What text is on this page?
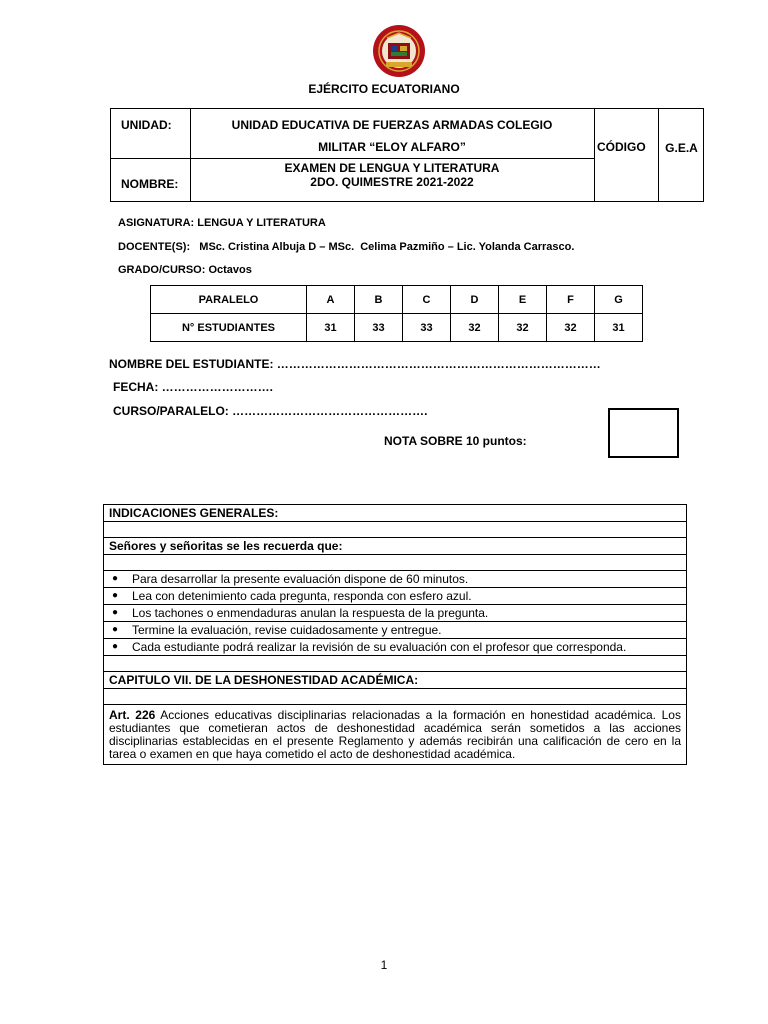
EJÉRCITO ECUATORIANO
UNIDAD:	UNIDAD EDUCATIVA DE FUERZAS ARMADAS COLEGIO
MILITAR “ELOY ALFARO”	CÓDIGO	G.E.A
NOMBRE:
EXAMEN DE LENGUA Y LITERATURA
2DO. QUIMESTRE 2021-2022
ASIGNATURA: LENGUA Y LITERATURA
DOCENTE(S):   MSc. Cristina Albuja D – MSc.  Celima Pazmiño – Lic. Yolanda Carrasco.
GRADO/CURSO: Octavos
PARALELO	A	B	C	D	E	F	G
N° ESTUDIANTES	31	33	33	32	32	32	31
NOMBRE DEL ESTUDIANTE: ………………………………………………………………………
FECHA: ……………………….
CURSO/PARALELO: ………………………………………….
NOTA SOBRE 10 puntos:
INDICACIONES GENERALES:
Señores y señoritas se les recuerda que:
●	Para desarrollar la presente evaluación dispone de 60 minutos.
●	Lea con detenimiento cada pregunta, responda con esfero azul.
●	Los tachones o enmendaduras anulan la respuesta de la pregunta.
●	Termine la evaluación, revise cuidadosamente y entregue.
●	Cada estudiante podrá realizar la revisión de su evaluación con el profesor que corresponda.
CAPITULO VII. DE LA DESHONESTIDAD ACADÉMICA:
Art. 226 Acciones educativas disciplinarias relacionadas a la formación en honestidad académica. Los estudiantes que cometieran actos de deshonestidad académica serán sometidos a las acciones disciplinarias establecidas en el presente Reglamento y además recibirán una calificación de cero en la tarea o examen en que haya cometido el acto de deshonestidad académica.
1
